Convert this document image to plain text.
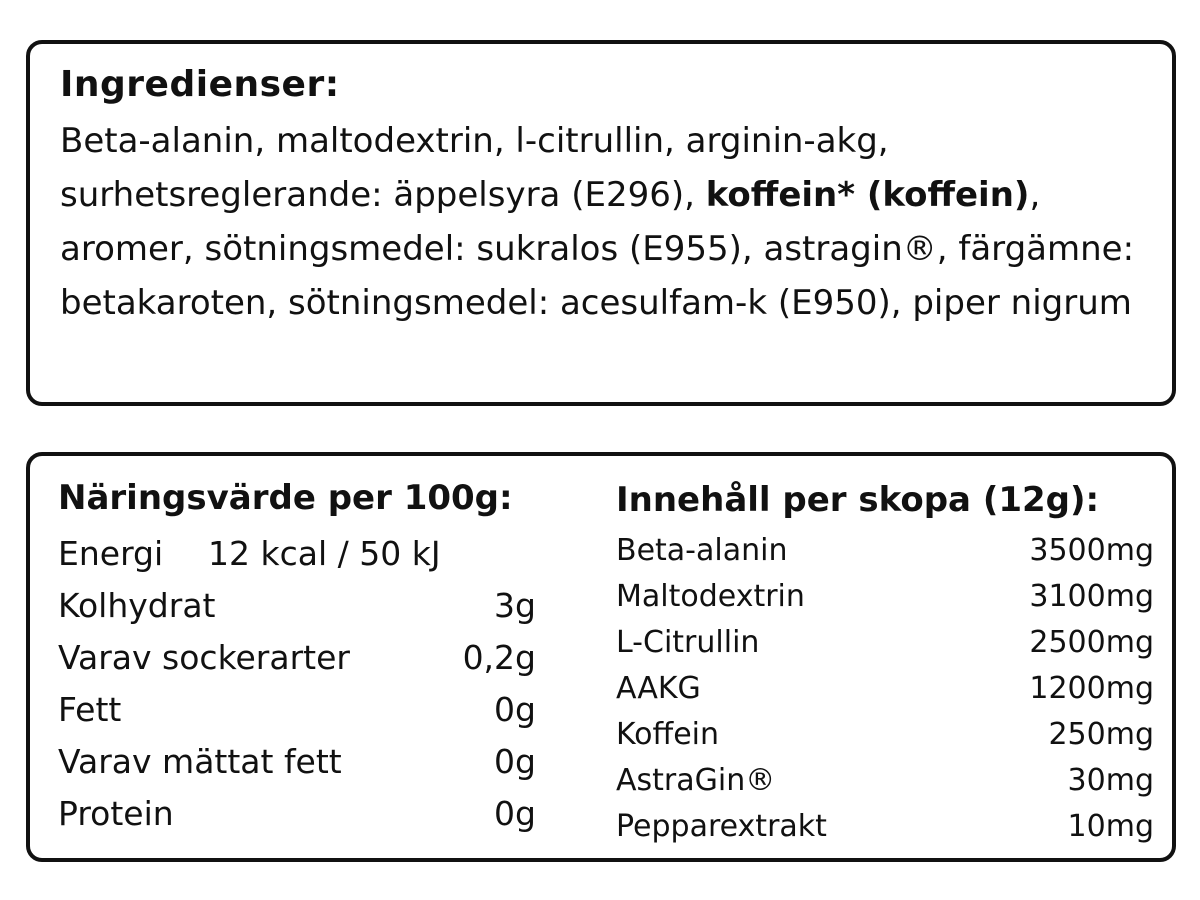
Ingredienser:
Beta-alanin, maltodextrin, l-citrullin, arginin-akg, surhetsreglerande: äppelsyra (E296), koffein* (koffein), aromer, sötningsmedel: sukralos (E955), astragin®, färgämne: betakaroten, sötningsmedel: acesulfam-k (E950), piper nigrum
Näringsvärde per 100g:
Energi 12 kcal / 50 kJ
Kolhydrat	3g
Varav sockerarter	0,2g
Fett	0g
Varav mättat fett	0g
Protein	0g
Innehåll per skopa (12g):
Beta-alanin	3500mg
Maltodextrin	3100mg
L-Citrullin	2500mg
AAKG	1200mg
Koffein	250mg
AstraGin®	30mg
Pepparextrakt	10mg
